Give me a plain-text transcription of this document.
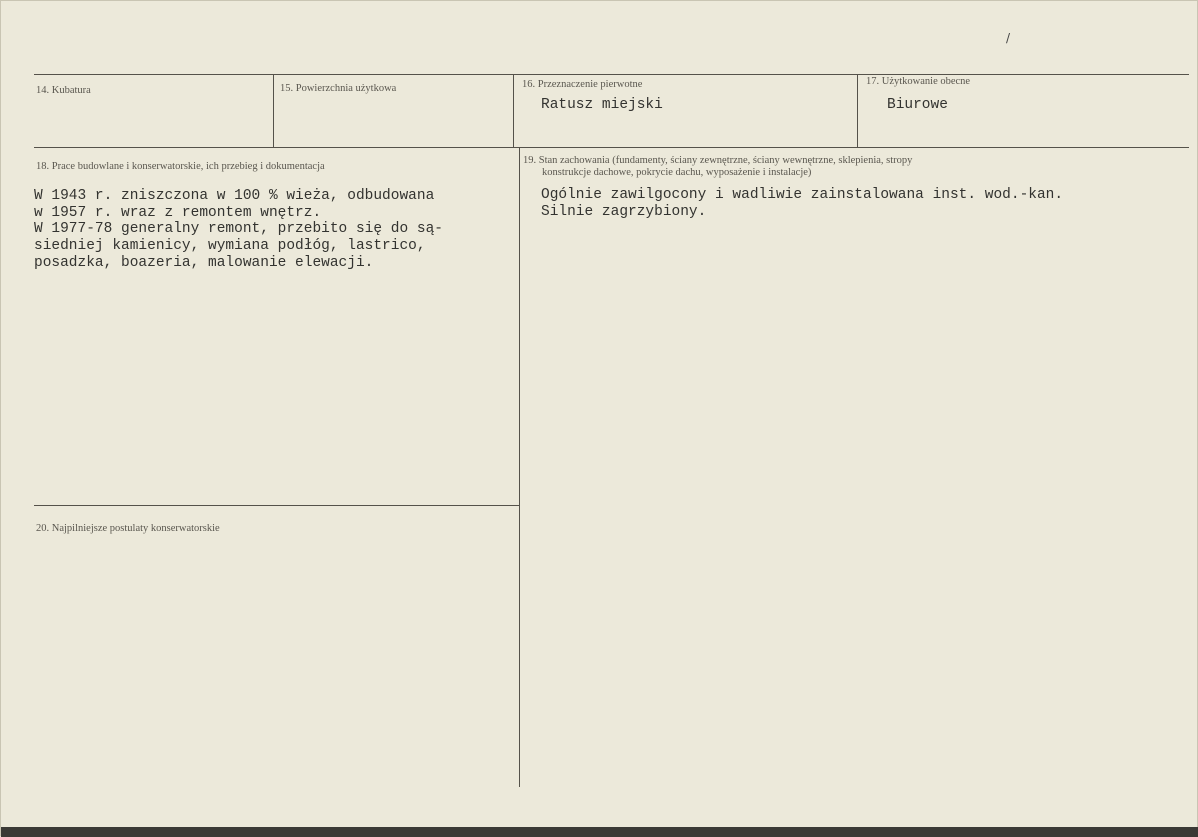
/
14. Kubatura	15. Powierzchnia użytkowa	16. Przeznaczenie pierwotne
Ratusz miejski
17. Użytkowanie obecne
Biurowe
18. Prace budowlane i konserwatorskie, ich przebieg i dokumentacja
W 1943 r. zniszczona w 100 % wieża, odbudowana
w 1957 r. wraz z remontem wnętrz.
W 1977-78 generalny remont, przebito się do są-
siedniej kamienicy, wymiana podłóg, lastrico,
posadzka, boazeria, malowanie elewacji.
19. Stan zachowania (fundamenty, ściany zewnętrzne, ściany wewnętrzne, sklepienia, stropy
konstrukcje dachowe, pokrycie dachu, wyposażenie i instalacje)
Ogólnie zawilgocony i wadliwie zainstalowana inst. wod.-kan.
Silnie zagrzybiony.
20. Najpilniejsze postulaty konserwatorskie
